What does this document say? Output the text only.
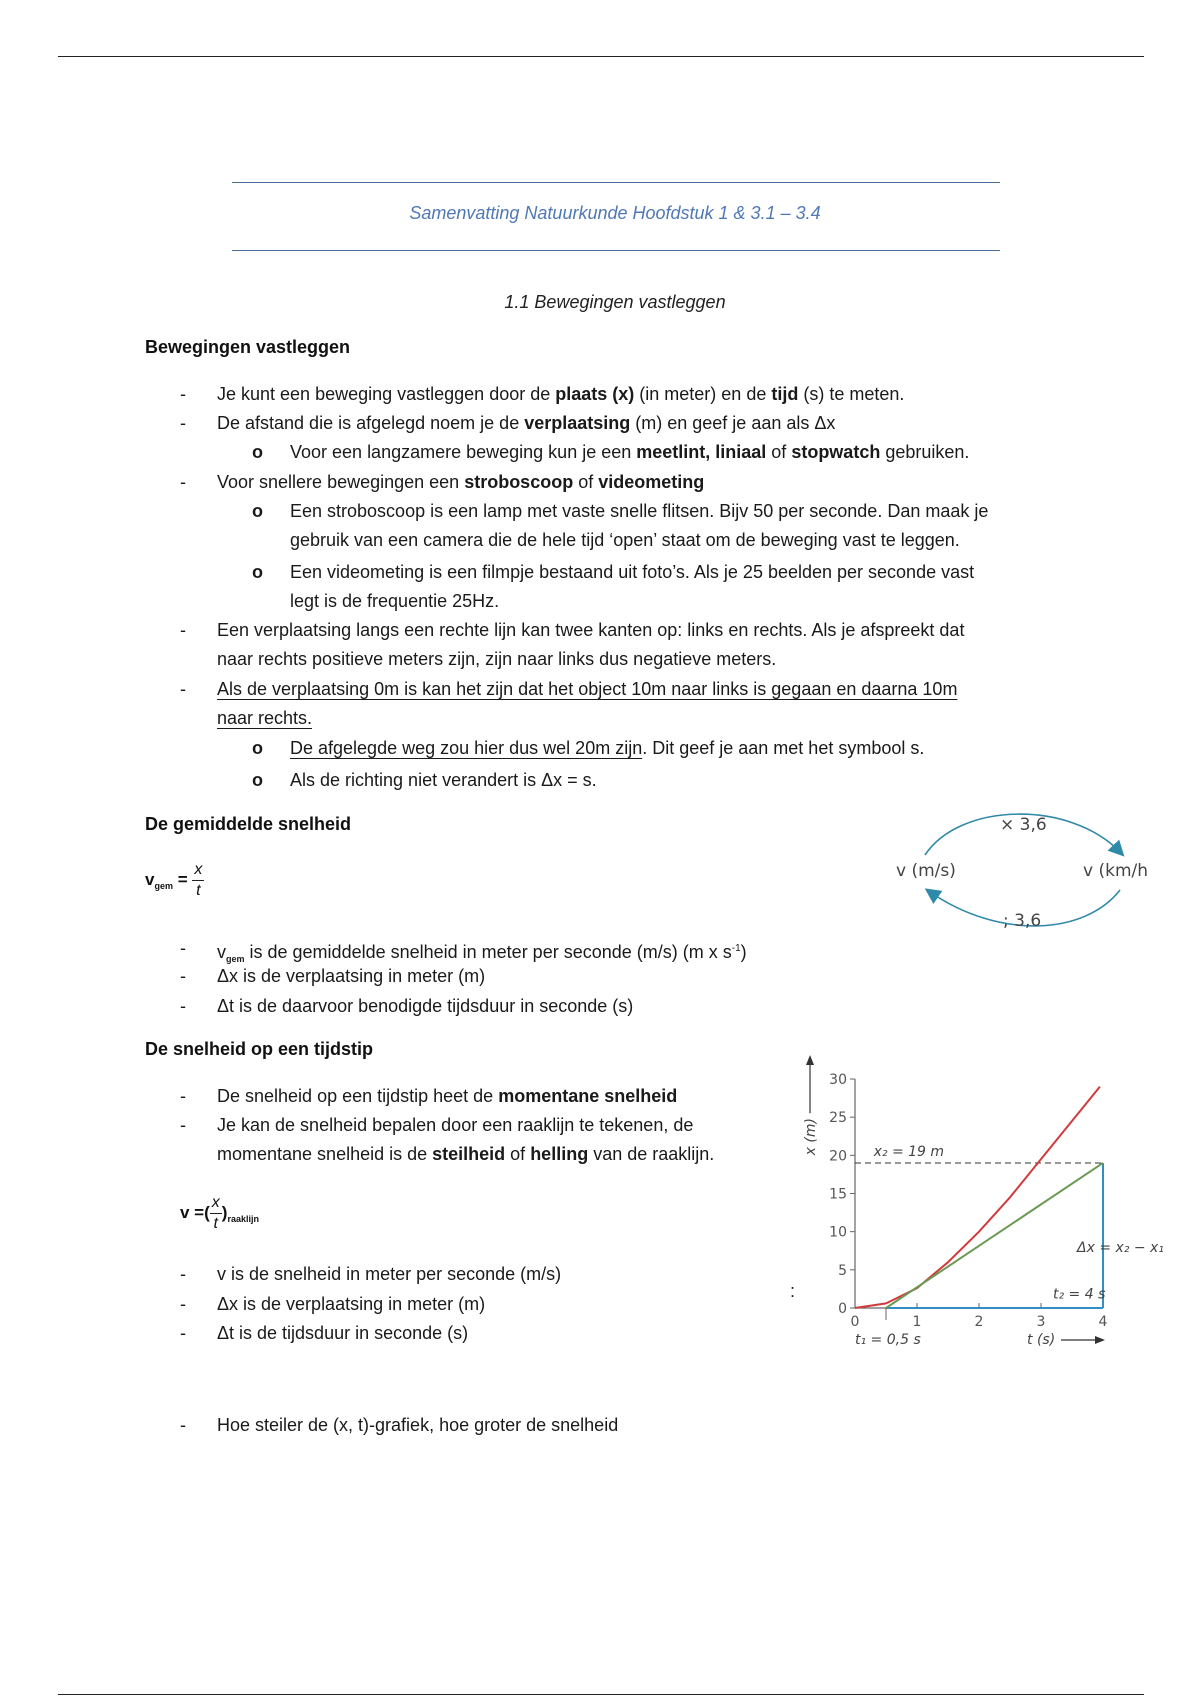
Samenvatting Natuurkunde Hoofdstuk 1 & 3.1 – 3.4
1.1 Bewegingen vastleggen
Bewegingen vastleggen
- Je kunt een beweging vastleggen door de plaats (x) (in meter) en de tijd (s) te meten.
- De afstand die is afgelegd noem je de verplaatsing (m) en geef je aan als Δx
o Voor een langzamere beweging kun je een meetlint, liniaal of stopwatch gebruiken.
- Voor snellere bewegingen een stroboscoop of videometing
o Een stroboscoop is een lamp met vaste snelle flitsen. Bijv 50 per seconde. Dan maak je
gebruik van een camera die de hele tijd ‘open’ staat om de beweging vast te leggen.
o Een videometing is een filmpje bestaand uit foto’s. Als je 25 beelden per seconde vast
legt is de frequentie 25Hz.
- Een verplaatsing langs een rechte lijn kan twee kanten op: links en rechts. Als je afspreekt dat
naar rechts positieve meters zijn, zijn naar links dus negatieve meters.
- Als de verplaatsing 0m is kan het zijn dat het object 10m naar links is gegaan en daarna 10m
naar rechts.
o De afgelegde weg zou hier dus wel 20m zijn. Dit geef je aan met het symbool s.
o Als de richting niet verandert is Δx = s.
De gemiddelde snelheid
$v_{gem} = \frac{x}{t}$
× 3,6
v (m/s)	v (km/h
; 3,6
- $v_{gem}$ is de gemiddelde snelheid in meter per seconde (m/s) (m x $s^{-1}$)
- Δx is de verplaatsing in meter (m)
- Δt is de daarvoor benodigde tijdsduur in seconde (s)
De snelheid op een tijdstip
- De snelheid op een tijdstip heet de momentane snelheid
- Je kan de snelheid bepalen door een raaklijn te tekenen, de
momentane snelheid is de steilheid of helling van de raaklijn.
v =( $\frac{x}{t} )_{raaklijn}$
- v is de snelheid in meter per seconde (m/s)
- Δx is de verplaatsing in meter (m)
- Δt is de tijdsduur in seconde (s)
:
- Hoe steiler de (x, t)-grafiek, hoe groter de snelheid
0
5
10
15
20
25
30
0	1	2	3	4
x (m)
t (s)
x₂ = 19 m
Δx = x₂ − x₁
t₁ = 0,5 s
t₂ = 4 s
